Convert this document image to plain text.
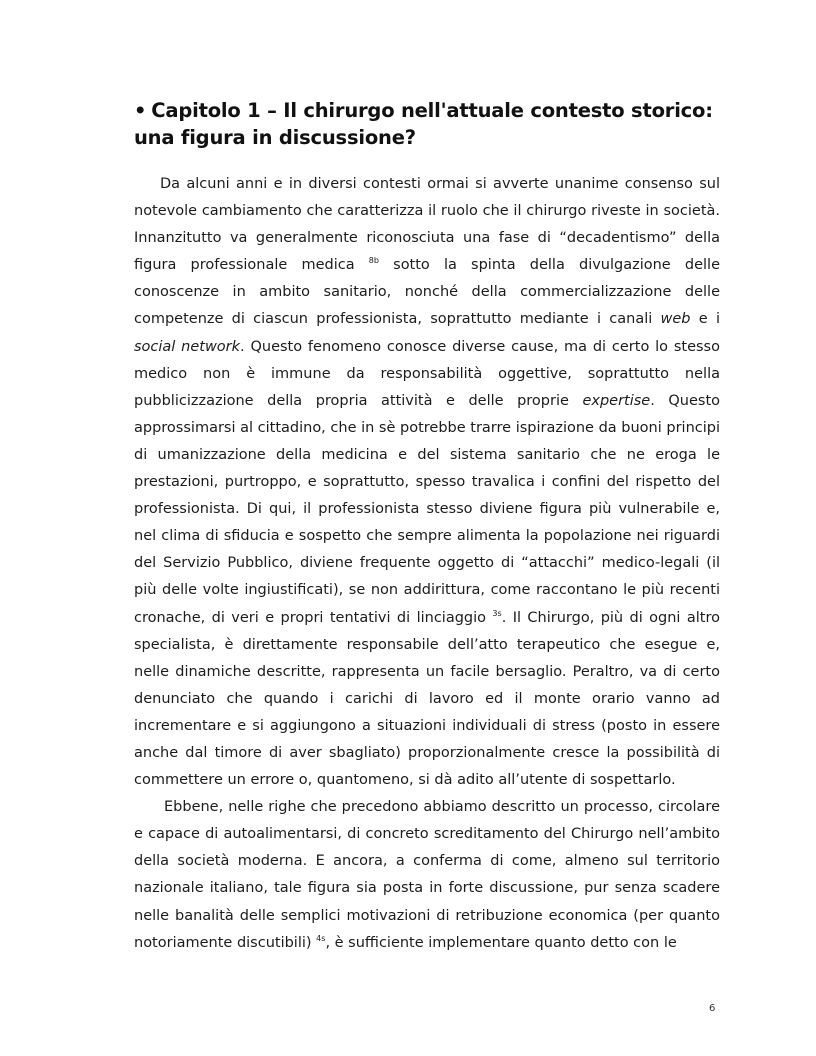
• Capitolo 1 – Il chirurgo nell'attuale contesto storico:
una figura in discussione?

Da alcuni anni e in diversi contesti ormai si avverte unanime consenso sul notevole cambiamento che caratterizza il ruolo che il chirurgo riveste in società. Innanzitutto va generalmente riconosciuta una fase di “decadentismo” della figura professionale medica $^{8b}$ sotto la spinta della divulgazione delle conoscenze in ambito sanitario, nonché della commercializzazione delle competenze di ciascun professionista, soprattutto mediante i canali web e i social network. Questo fenomeno conosce diverse cause, ma di certo lo stesso medico non è immune da responsabilità oggettive, soprattutto nella pubblicizzazione della propria attività e delle proprie expertise. Questo approssimarsi al cittadino, che in sè potrebbe trarre ispirazione da buoni principi di umanizzazione della medicina e del sistema sanitario che ne eroga le prestazioni, purtroppo, e soprattutto, spesso travalica i confini del rispetto del professionista. Di qui, il professionista stesso diviene figura più vulnerabile e, nel clima di sfiducia e sospetto che sempre alimenta la popolazione nei riguardi del Servizio Pubblico, diviene frequente oggetto di “attacchi” medico-legali (il più delle volte ingiustificati), se non addirittura, come raccontano le più recenti cronache, di veri e propri tentativi di linciaggio $^{3s}$. Il Chirurgo, più di ogni altro specialista, è direttamente responsabile dell’atto terapeutico che esegue e, nelle dinamiche descritte, rappresenta un facile bersaglio. Peraltro, va di certo denunciato che quando i carichi di lavoro ed il monte orario vanno ad incrementare e si aggiungono a situazioni individuali di stress (posto in essere anche dal timore di aver sbagliato) proporzionalmente cresce la possibilità di commettere un errore o, quantomeno, si dà adito all’utente di sospettarlo.

Ebbene, nelle righe che precedono abbiamo descritto un processo, circolare e capace di autoalimentarsi, di concreto screditamento del Chirurgo nell’ambito della società moderna. E ancora, a conferma di come, almeno sul territorio nazionale italiano, tale figura sia posta in forte discussione, pur senza scadere nelle banalità delle semplici motivazioni di retribuzione economica (per quanto notoriamente discutibili) $^{4s}$, è sufficiente implementare quanto detto con le

6
